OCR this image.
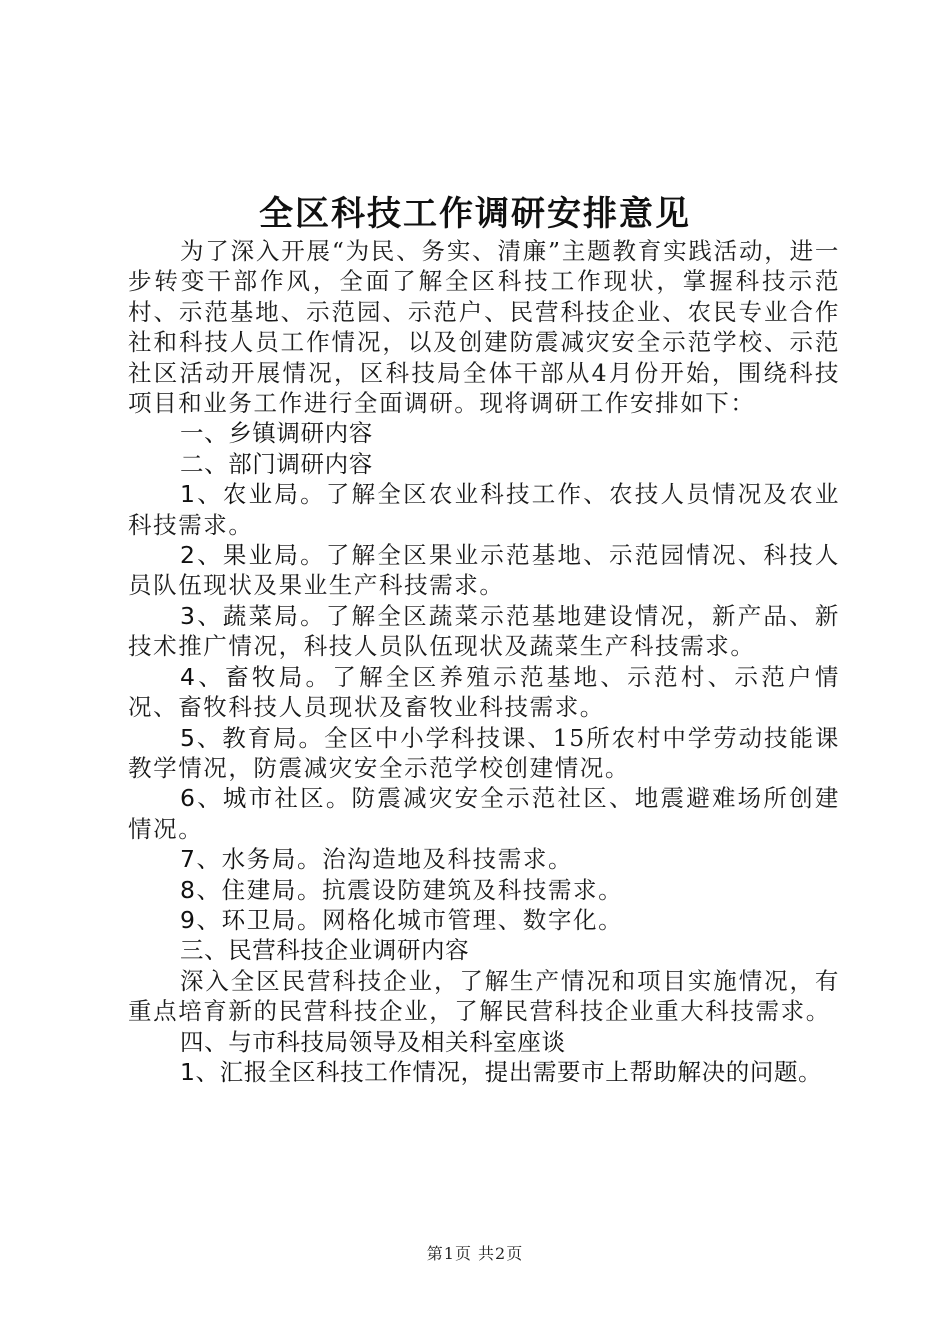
全区科技工作调研安排意见

为了深入开展“为民、务实、清廉”主题教育实践活动，进一步转变干部作风，全面了解全区科技工作现状，掌握科技示范村、示范基地、示范园、示范户、民营科技企业、农民专业合作社和科技人员工作情况，以及创建防震减灾安全示范学校、示范社区活动开展情况，区科技局全体干部从4月份开始，围绕科技项目和业务工作进行全面调研。现将调研工作安排如下：

一、乡镇调研内容

二、部门调研内容

1、农业局。了解全区农业科技工作、农技人员情况及农业科技需求。

2、果业局。了解全区果业示范基地、示范园情况、科技人员队伍现状及果业生产科技需求。

3、蔬菜局。了解全区蔬菜示范基地建设情况，新产品、新技术推广情况，科技人员队伍现状及蔬菜生产科技需求。

4、畜牧局。了解全区养殖示范基地、示范村、示范户情况、畜牧科技人员现状及畜牧业科技需求。

5、教育局。全区中小学科技课、15所农村中学劳动技能课教学情况，防震减灾安全示范学校创建情况。

6、城市社区。防震减灾安全示范社区、地震避难场所创建情况。

7、水务局。治沟造地及科技需求。

8、住建局。抗震设防建筑及科技需求。

9、环卫局。网格化城市管理、数字化。

三、民营科技企业调研内容

深入全区民营科技企业，了解生产情况和项目实施情况，有重点培育新的民营科技企业，了解民营科技企业重大科技需求。

四、与市科技局领导及相关科室座谈

1、汇报全区科技工作情况，提出需要市上帮助解决的问题。

第1页 共2页
